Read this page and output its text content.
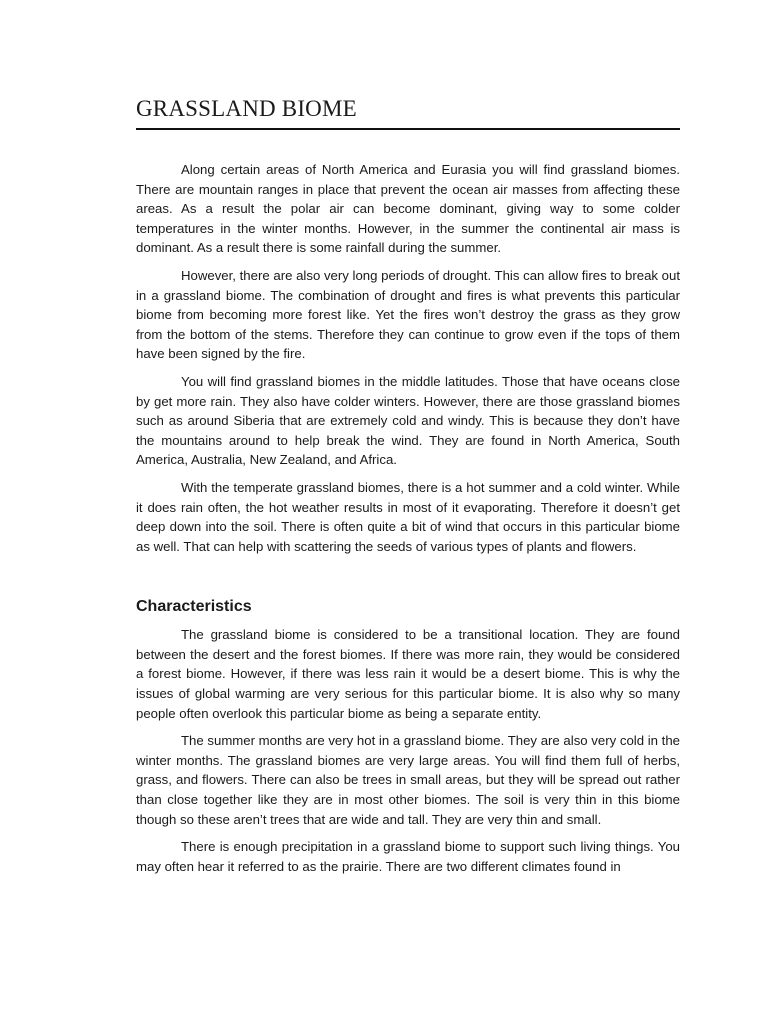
GRASSLAND BIOME

Along certain areas of North America and Eurasia you will find grassland biomes. There are mountain ranges in place that prevent the ocean air masses from affecting these areas. As a result the polar air can become dominant, giving way to some colder temperatures in the winter months. However, in the summer the continental air mass is dominant. As a result there is some rainfall during the summer.

However, there are also very long periods of drought. This can allow fires to break out in a grassland biome. The combination of drought and fires is what prevents this particular biome from becoming more forest like. Yet the fires won’t destroy the grass as they grow from the bottom of the stems. Therefore they can continue to grow even if the tops of them have been signed by the fire.

You will find grassland biomes in the middle latitudes. Those that have oceans close by get more rain. They also have colder winters. However, there are those grassland biomes such as around Siberia that are extremely cold and windy. This is because they don’t have the mountains around to help break the wind. They are found in North America, South America, Australia, New Zealand, and Africa.

With the temperate grassland biomes, there is a hot summer and a cold winter. While it does rain often, the hot weather results in most of it evaporating. Therefore it doesn’t get deep down into the soil. There is often quite a bit of wind that occurs in this particular biome as well. That can help with scattering the seeds of various types of plants and flowers.

Characteristics

The grassland biome is considered to be a transitional location. They are found between the desert and the forest biomes. If there was more rain, they would be considered a forest biome. However, if there was less rain it would be a desert biome. This is why the issues of global warming are very serious for this particular biome. It is also why so many people often overlook this particular biome as being a separate entity.

The summer months are very hot in a grassland biome. They are also very cold in the winter months. The grassland biomes are very large areas. You will find them full of herbs, grass, and flowers. There can also be trees in small areas, but they will be spread out rather than close together like they are in most other biomes. The soil is very thin in this biome though so these aren’t trees that are wide and tall. They are very thin and small.

There is enough precipitation in a grassland biome to support such living things. You may often hear it referred to as the prairie. There are two different climates found in
